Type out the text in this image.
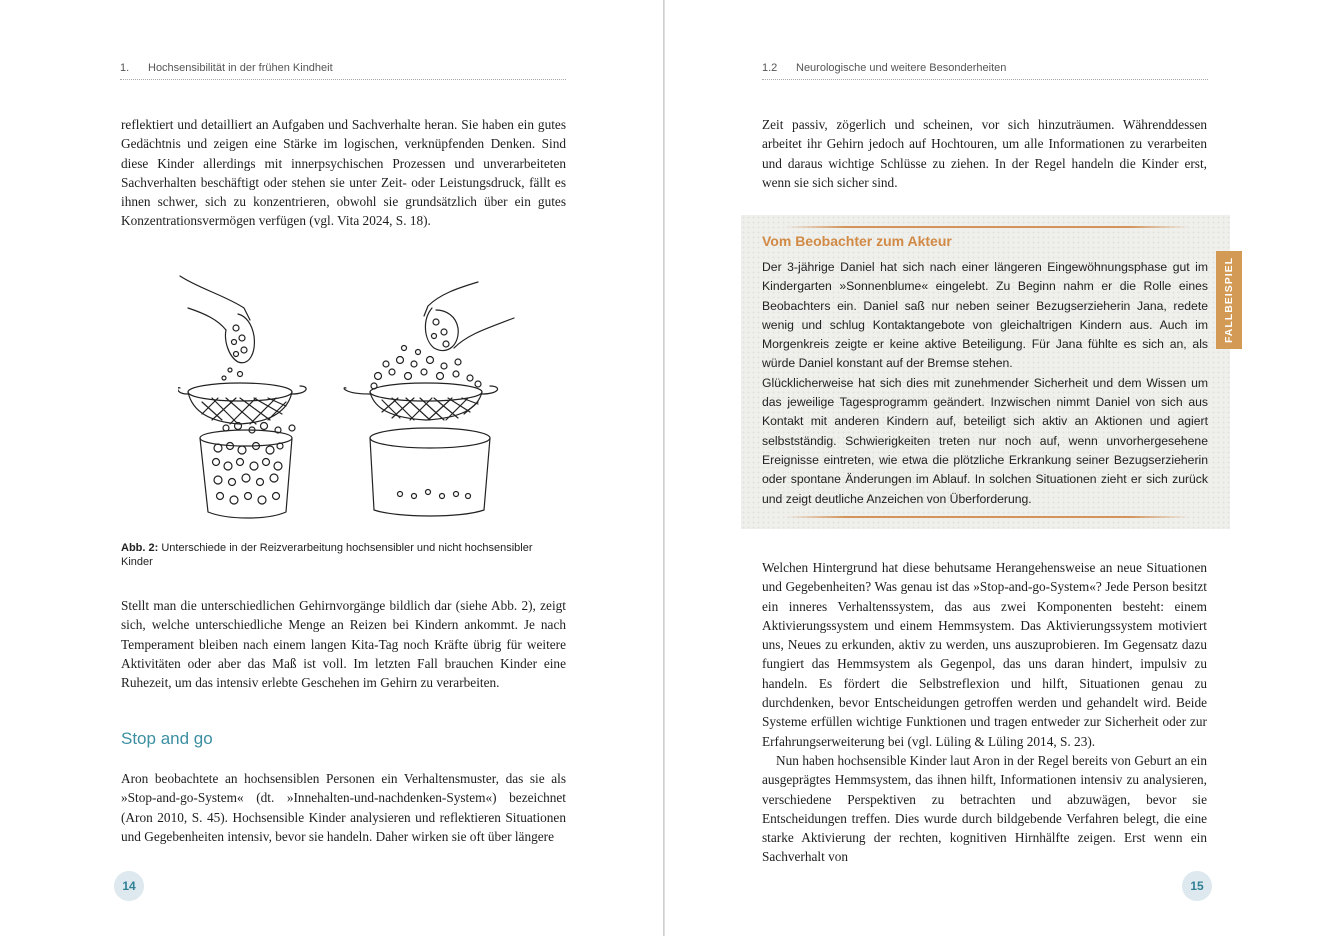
1. Hochsensibilität in der frühen Kindheit

reflektiert und detailliert an Aufgaben und Sachverhalte heran. Sie haben ein gutes Gedächtnis und zeigen eine Stärke im logischen, verknüpfenden Denken. Sind diese Kinder allerdings mit innerpsychischen Prozessen und unverarbeiteten Sachverhalten beschäftigt oder stehen sie unter Zeit- oder Leistungsdruck, fällt es ihnen schwer, sich zu konzentrieren, obwohl sie grundsätzlich über ein gutes Konzentrationsvermögen verfügen (vgl. Vita 2024, S. 18).

Abb. 2: Unterschiede in der Reizverarbeitung hochsensibler und nicht hochsensibler Kinder

Stellt man die unterschiedlichen Gehirnvorgänge bildlich dar (siehe Abb. 2), zeigt sich, welche unterschiedliche Menge an Reizen bei Kindern ankommt. Je nach Temperament bleiben nach einem langen Kita-Tag noch Kräfte übrig für weitere Aktivitäten oder aber das Maß ist voll. Im letzten Fall brauchen Kinder eine Ruhezeit, um das intensiv erlebte Geschehen im Gehirn zu verarbeiten.

Stop and go

Aron beobachtete an hochsensiblen Personen ein Verhaltensmuster, das sie als »Stop-and-go-System« (dt. »Innehalten-und-nachdenken-System«) bezeichnet (Aron 2010, S. 45). Hochsensible Kinder analysieren und reflektieren Situationen und Gegebenheiten intensiv, bevor sie handeln. Daher wirken sie oft über längere

14
1.2 Neurologische und weitere Besonderheiten

Zeit passiv, zögerlich und scheinen, vor sich hinzuträumen. Währenddessen arbeitet ihr Gehirn jedoch auf Hochtouren, um alle Informationen zu verarbeiten und daraus wichtige Schlüsse zu ziehen. In der Regel handeln die Kinder erst, wenn sie sich sicher sind.

Vom Beobachter zum Akteur

Der 3-jährige Daniel hat sich nach einer längeren Eingewöhnungsphase gut im Kindergarten »Sonnenblume« eingelebt. Zu Beginn nahm er die Rolle eines Beobachters ein. Daniel saß nur neben seiner Bezugserzieherin Jana, redete wenig und schlug Kontaktangebote von gleichaltrigen Kindern aus. Auch im Morgenkreis zeigte er keine aktive Beteiligung. Für Jana fühlte es sich an, als würde Daniel konstant auf der Bremse stehen.
Glücklicherweise hat sich dies mit zunehmender Sicherheit und dem Wissen um das jeweilige Tagesprogramm geändert. Inzwischen nimmt Daniel von sich aus Kontakt mit anderen Kindern auf, beteiligt sich aktiv an Aktionen und agiert selbstständig. Schwierigkeiten treten nur noch auf, wenn unvorhergesehene Ereignisse eintreten, wie etwa die plötzliche Erkrankung seiner Bezugserzieherin oder spontane Änderungen im Ablauf. In solchen Situationen zieht er sich zurück und zeigt deutliche Anzeichen von Überforderung.

FALLBEISPIEL

Welchen Hintergrund hat diese behutsame Herangehensweise an neue Situationen und Gegebenheiten? Was genau ist das »Stop-and-go-System«? Jede Person besitzt ein inneres Verhaltenssystem, das aus zwei Komponenten besteht: einem Aktivierungssystem und einem Hemmsystem. Das Aktivierungssystem motiviert uns, Neues zu erkunden, aktiv zu werden, uns auszuprobieren. Im Gegensatz dazu fungiert das Hemmsystem als Gegenpol, das uns daran hindert, impulsiv zu handeln. Es fördert die Selbstreflexion und hilft, Situationen genau zu durchdenken, bevor Entscheidungen getroffen werden und gehandelt wird. Beide Systeme erfüllen wichtige Funktionen und tragen entweder zur Sicherheit oder zur Erfahrungserweiterung bei (vgl. Lüling & Lüling 2014, S. 23).

Nun haben hochsensible Kinder laut Aron in der Regel bereits von Geburt an ein ausgeprägtes Hemmsystem, das ihnen hilft, Informationen intensiv zu analysieren, verschiedene Perspektiven zu betrachten und abzuwägen, bevor sie Entscheidungen treffen. Dies wurde durch bildgebende Verfahren belegt, die eine starke Aktivierung der rechten, kognitiven Hirnhälfte zeigen. Erst wenn ein Sachverhalt von

15
